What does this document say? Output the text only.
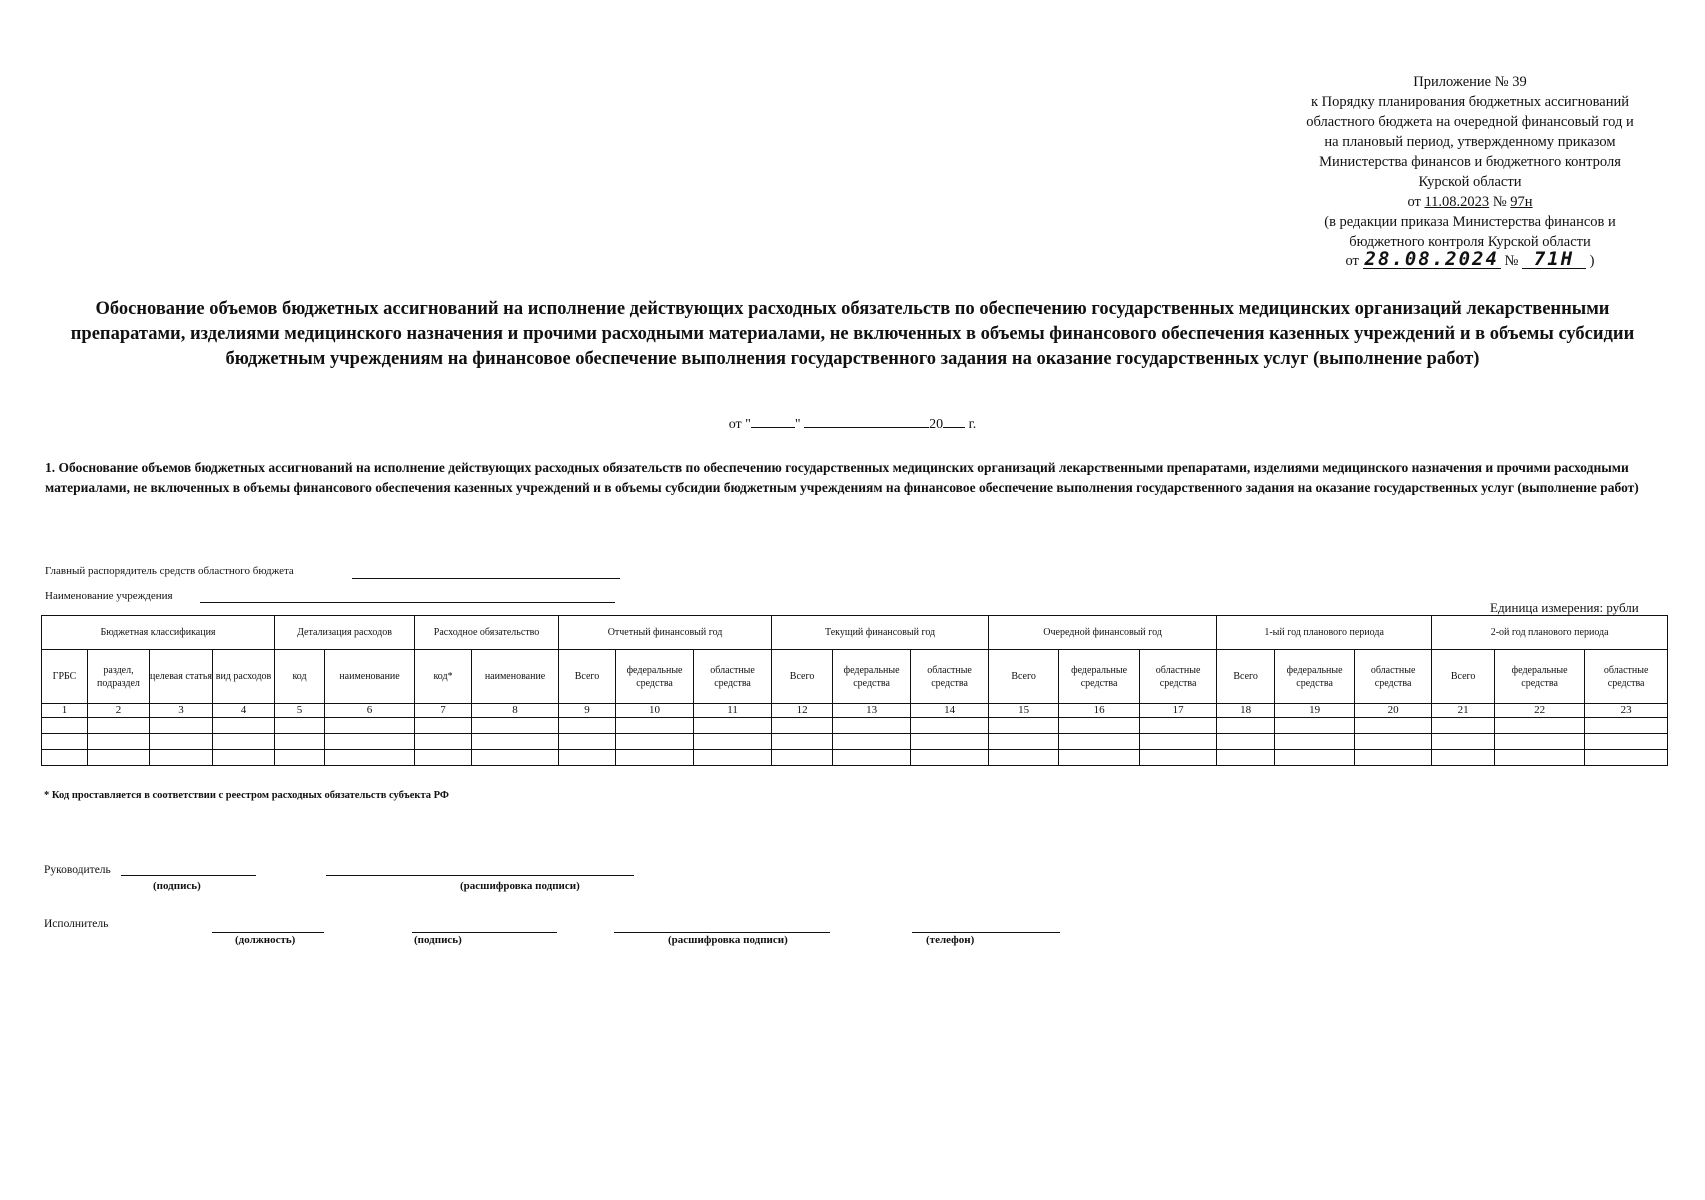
Приложение № 39
к Порядку планирования бюджетных ассигнований
областного бюджета на очередной финансовый год и
на плановый период, утвержденному приказом
Министерства финансов и бюджетного контроля
Курской области
от 11.08.2023 № 97н
(в редакции приказа Министерства финансов и
бюджетного контроля Курской области
от 28.08.2024 № 71Н )
Обоснование объемов бюджетных ассигнований на исполнение действующих расходных обязательств по обеспечению государственных медицинских организаций лекарственными препаратами, изделиями медицинского назначения и прочими расходными материалами, не включенных в объемы финансового обеспечения казенных учреждений и в объемы субсидии бюджетным учреждениям на финансовое обеспечение выполнения государственного задания на оказание государственных услуг (выполнение работ)
от "	"	20 г.
1. Обоснование объемов бюджетных ассигнований на исполнение действующих расходных обязательств по обеспечению государственных медицинских организаций лекарственными препаратами, изделиями медицинского назначения и прочими расходными материалами, не включенных в объемы финансового обеспечения казенных учреждений и в объемы субсидии бюджетным учреждениям на финансовое обеспечение выполнения государственного задания на оказание государственных услуг (выполнение работ)
Главный распорядитель средств областного бюджета
Наименование учреждения
Единица измерения: рубли
Бюджетная классификация				Детализация расходов		Расходное обязательство		Отчетный финансовый год			Текущий финансовый год			Очередной финансовый год			1-ый год планового периода			2-ой год планового периода		
ГРБС	раздел, подраздел	целевая статья	вид расходов	код	наименование	код*	наименование	Всего	федеральные средства	областные средства	Всего	федеральные средства	областные средства	Всего	федеральные средства	областные средства	Всего	федеральные средства	областные средства	Всего	федеральные средства	областные средства
1	2	3	4	5	6	7	8	9	10	11	12	13	14	15	16	17	18	19	20	21	22	23

* Код проставляется в соответствии с реестром расходных обязательств субъекта РФ
Руководитель
(подпись)	(расшифровка подписи)
Исполнитель
(должность)	(подпись)	(расшифровка подписи)	(телефон)
